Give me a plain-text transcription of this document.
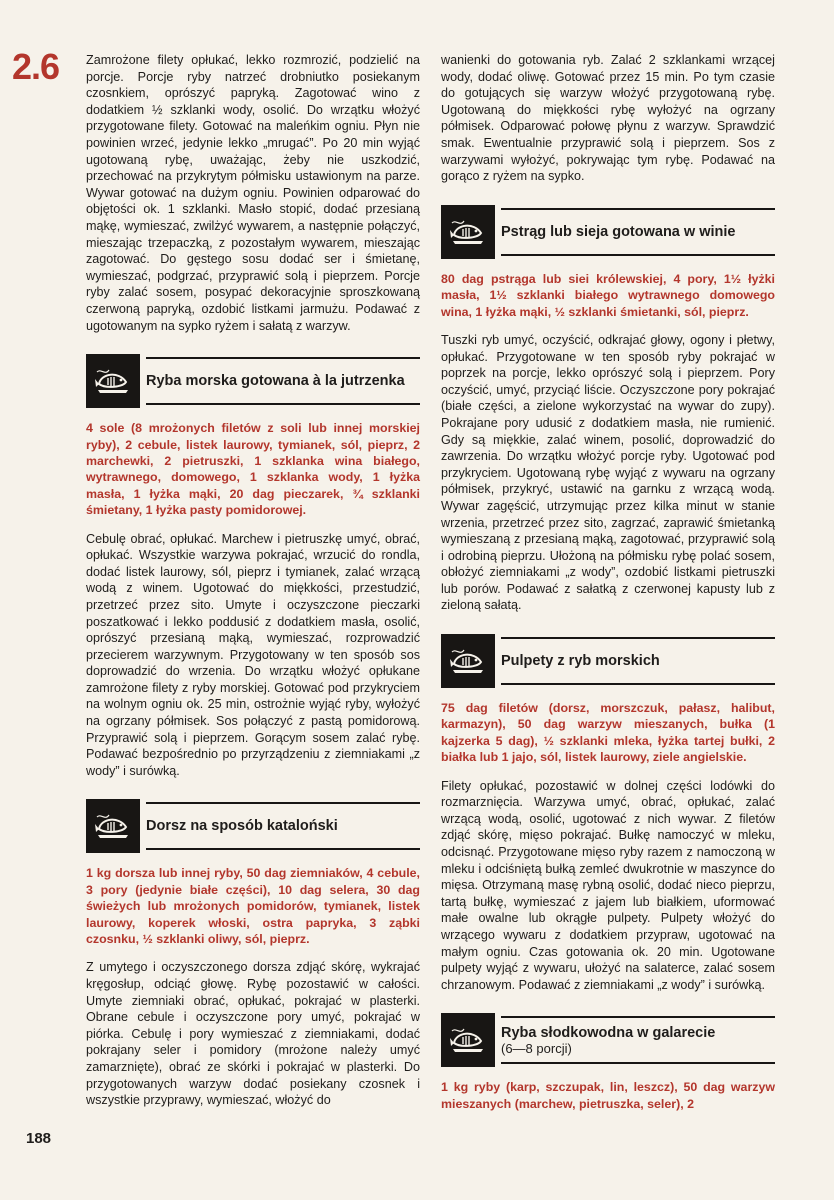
2.6
188

Zamrożone filety opłukać, lekko rozmrozić, podzielić na porcje. Porcje ryby natrzeć drobniutko posiekanym czosnkiem, oprószyć papryką. Zagotować wino z dodatkiem ½ szklanki wody, osolić. Do wrzątku włożyć przygotowane filety. Gotować na maleńkim ogniu. Płyn nie powinien wrzeć, jedynie lekko „mrugać”. Po 20 min wyjąć ugotowaną rybę, uważając, żeby nie uszkodzić, przechować na przykrytym półmisku ustawionym na parze. Wywar gotować na dużym ogniu. Powinien odparować do objętości ok. 1 szklanki. Masło stopić, dodać przesianą mąkę, wymieszać, zwilżyć wywarem, a następnie połączyć, mieszając trzepaczką, z pozostałym wywarem, mieszając zagotować. Do gęstego sosu dodać ser i śmietanę, wymieszać, podgrzać, przyprawić solą i pieprzem. Porcje ryby zalać sosem, posypać dekoracyjnie sproszkowaną czerwoną papryką, ozdobić listkami jarmużu. Podawać z ugotowanym na sypko ryżem i sałatą z warzyw.

Ryba morska gotowana à la jutrzenka

4 sole (8 mrożonych filetów z soli lub innej morskiej ryby), 2 cebule, listek laurowy, tymianek, sól, pieprz, 2 marchewki, 2 pietruszki, 1 szklanka wina białego, wytrawnego, domowego, 1 szklanka wody, 1 łyżka masła, 1 łyżka mąki, 20 dag pieczarek, ¾ szklanki śmietany, 1 łyżka pasty pomidorowej.

Cebulę obrać, opłukać. Marchew i pietruszkę umyć, obrać, opłukać. Wszystkie warzywa pokrajać, wrzucić do rondla, dodać listek laurowy, sól, pieprz i tymianek, zalać wrzącą wodą z winem. Ugotować do miękkości, przestudzić, przetrzeć przez sito. Umyte i oczyszczone pieczarki poszatkować i lekko poddusić z dodatkiem masła, osolić, oprószyć przesianą mąką, wymieszać, rozprowadzić przecierem warzywnym. Przygotowany w ten sposób sos doprowadzić do wrzenia. Do wrzątku włożyć opłukane zamrożone filety z ryby morskiej. Gotować pod przykryciem na wolnym ogniu ok. 25 min, ostrożnie wyjąć ryby, wyłożyć na ogrzany półmisek. Sos połączyć z pastą pomidorową. Przyprawić solą i pieprzem. Gorącym sosem zalać rybę. Podawać bezpośrednio po przyrządzeniu z ziemniakami „z wody” i surówką.

Dorsz na sposób kataloński

1 kg dorsza lub innej ryby, 50 dag ziemniaków, 4 cebule, 3 pory (jedynie białe części), 10 dag selera, 30 dag świeżych lub mrożonych pomidorów, tymianek, listek laurowy, koperek włoski, ostra papryka, 3 ząbki czosnku, ½ szklanki oliwy, sól, pieprz.

Z umytego i oczyszczonego dorsza zdjąć skórę, wykrajać kręgosłup, odciąć głowę. Rybę pozostawić w całości. Umyte ziemniaki obrać, opłukać, pokrajać w plasterki. Obrane cebule i oczyszczone pory umyć, pokrajać w piórka. Cebulę i pory wymieszać z ziemniakami, dodać pokrajany seler i pomidory (mrożone należy umyć zamarznięte), obrać ze skórki i pokrajać w plasterki. Do przygotowanych warzyw dodać posiekany czosnek i wszystkie przyprawy, wymieszać, włożyć do

wanienki do gotowania ryb. Zalać 2 szklankami wrzącej wody, dodać oliwę. Gotować przez 15 min. Po tym czasie do gotujących się warzyw włożyć przygotowaną rybę. Ugotowaną do miękkości rybę wyłożyć na ogrzany półmisek. Odparować połowę płynu z warzyw. Sprawdzić smak. Ewentualnie przyprawić solą i pieprzem. Sos z warzywami wyłożyć, pokrywając tym rybę. Podawać na gorąco z ryżem na sypko.

Pstrąg lub sieja gotowana w winie

80 dag pstrąga lub siei królewskiej, 4 pory, 1½ łyżki masła, 1½ szklanki białego wytrawnego domowego wina, 1 łyżka mąki, ½ szklanki śmietanki, sól, pieprz.

Tuszki ryb umyć, oczyścić, odkrajać głowy, ogony i płetwy, opłukać. Przygotowane w ten sposób ryby pokrajać w poprzek na porcje, lekko oprószyć solą i pieprzem. Pory oczyścić, umyć, przyciąć liście. Oczyszczone pory pokrajać (białe części, a zielone wykorzystać na wywar do zupy). Pokrajane pory udusić z dodatkiem masła, nie rumienić. Gdy są miękkie, zalać winem, posolić, doprowadzić do zawrzenia. Do wrzątku włożyć porcje ryby. Ugotować pod przykryciem. Ugotowaną rybę wyjąć z wywaru na ogrzany półmisek, przykryć, ustawić na garnku z wrzącą wodą. Wywar zagęścić, utrzymując przez kilka minut w stanie wrzenia, przetrzeć przez sito, zagrzać, zaprawić śmietanką wymieszaną z przesianą mąką, zagotować, przyprawić solą i odrobiną pieprzu. Ułożoną na półmisku rybę polać sosem, obłożyć ziemniakami „z wody”, ozdobić listkami pietruszki lub porów. Podawać z sałatką z czerwonej kapusty lub z zieloną sałatą.

Pulpety z ryb morskich

75 dag filetów (dorsz, morszczuk, pałasz, halibut, karmazyn), 50 dag warzyw mieszanych, bułka (1 kajzerka 5 dag), ½ szklanki mleka, łyżka tartej bułki, 2 białka lub 1 jajo, sól, listek laurowy, ziele angielskie.

Filety opłukać, pozostawić w dolnej części lodówki do rozmarznięcia. Warzywa umyć, obrać, opłukać, zalać wrzącą wodą, osolić, ugotować z nich wywar. Z filetów zdjąć skórę, mięso pokrajać. Bułkę namoczyć w mleku, odcisnąć. Przygotowane mięso ryby razem z namoczoną w mleku i odciśniętą bułką zemleć dwukrotnie w maszynce do mięsa. Otrzymaną masę rybną osolić, dodać nieco pieprzu, tartą bułkę, wymieszać z jajem lub białkiem, uformować małe owalne lub okrągłe pulpety. Pulpety włożyć do wrzącego wywaru z dodatkiem przypraw, ugotować na małym ogniu. Czas gotowania ok. 20 min. Ugotowane pulpety wyjąć z wywaru, ułożyć na salaterce, zalać sosem chrzanowym. Podawać z ziemniakami „z wody” i surówką.

Ryba słodkowodna w galarecie
(6—8 porcji)

1 kg ryby (karp, szczupak, lin, leszcz), 50 dag warzyw mieszanych (marchew, pietruszka, seler), 2
